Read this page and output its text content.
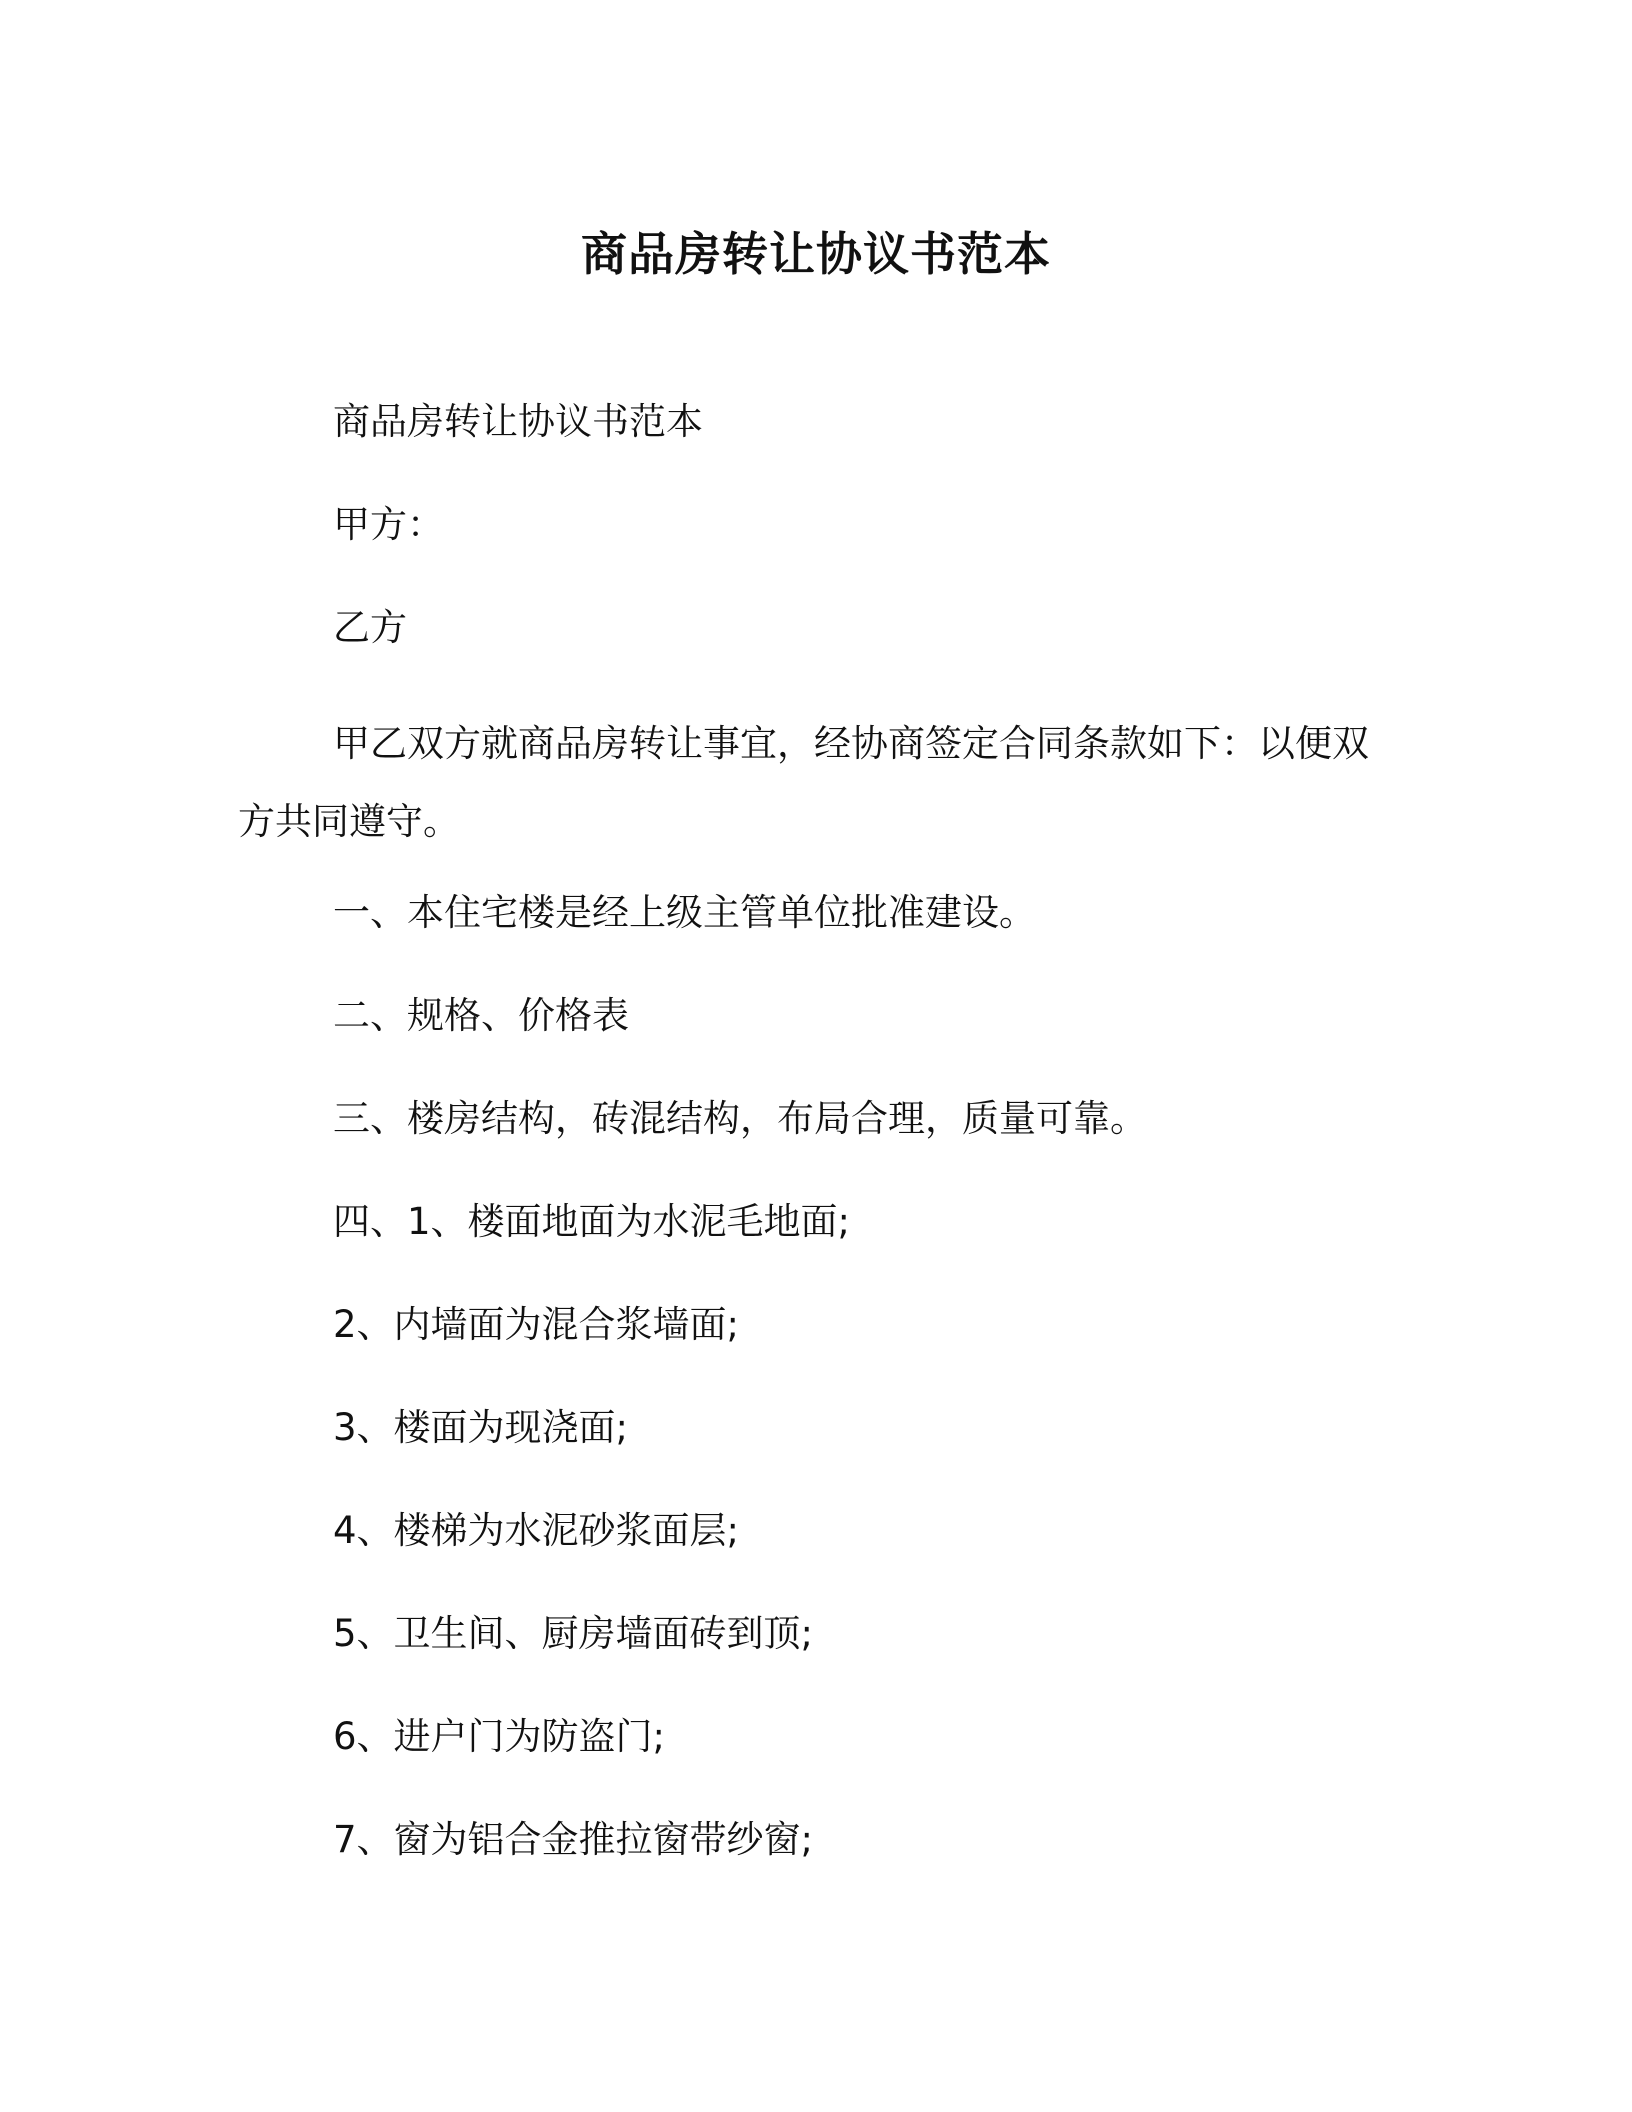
商品房转让协议书范本
商品房转让协议书范本
甲方：
乙方
甲乙双方就商品房转让事宜，经协商签定合同条款如下：以便双方共同遵守。
一、本住宅楼是经上级主管单位批准建设。
二、规格、价格表
三、楼房结构，砖混结构，布局合理，质量可靠。
四、1、楼面地面为水泥毛地面;
2、内墙面为混合浆墙面;
3、楼面为现浇面;
4、楼梯为水泥砂浆面层;
5、卫生间、厨房墙面砖到顶;
6、进户门为防盗门;
7、窗为铝合金推拉窗带纱窗;
